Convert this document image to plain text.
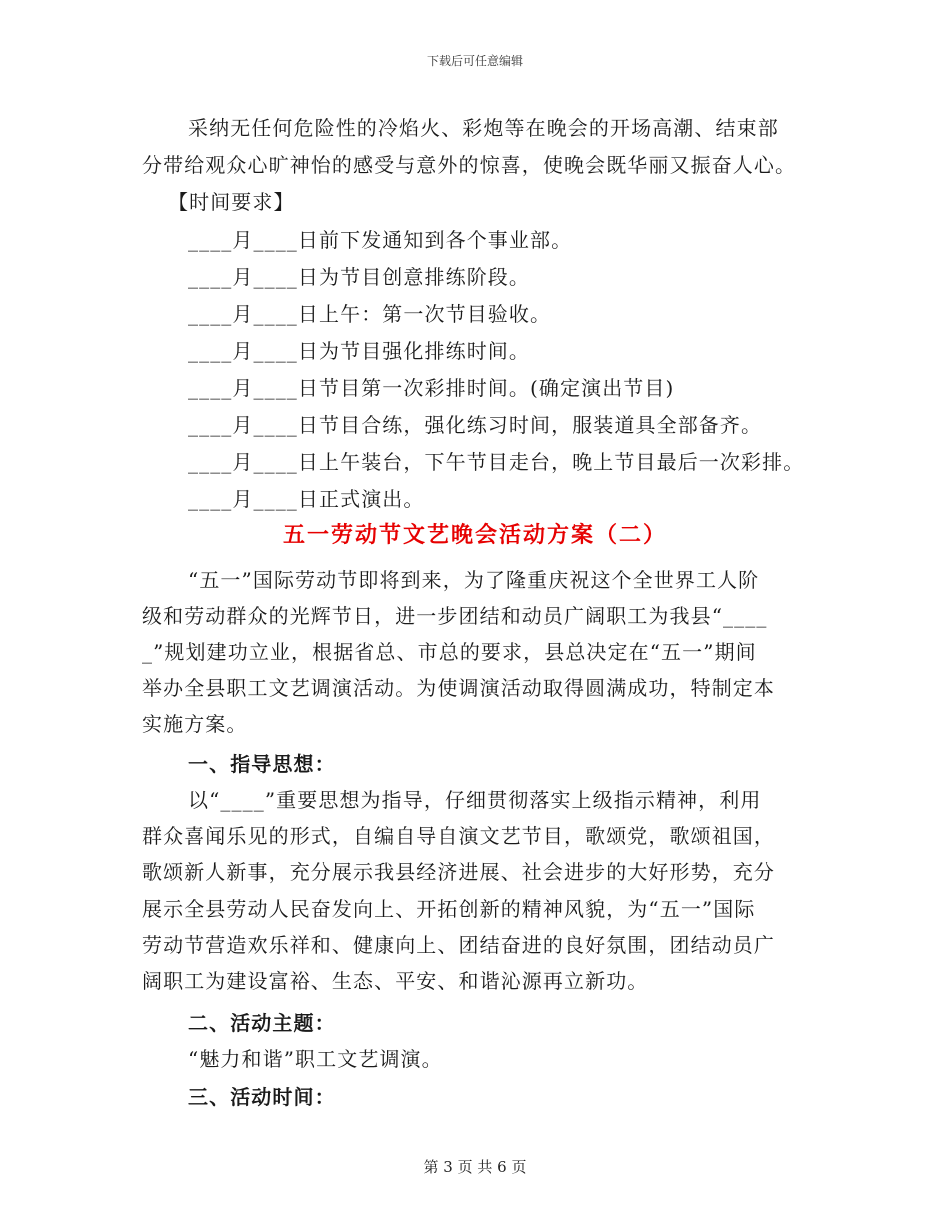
下载后可任意编辑
采纳无任何危险性的冷焰火、彩炮等在晚会的开场高潮、结束部
分带给观众心旷神怡的感受与意外的惊喜，使晚会既华丽又振奋人心。
【时间要求】
____月____日前下发通知到各个事业部。
____月____日为节目创意排练阶段。
____月____日上午：第一次节目验收。
____月____日为节目强化排练时间。
____月____日节目第一次彩排时间。(确定演出节目)
____月____日节目合练，强化练习时间，服装道具全部备齐。
____月____日上午装台，下午节目走台，晚上节目最后一次彩排。
____月____日正式演出。
五一劳动节文艺晚会活动方案（二）
“五一”国际劳动节即将到来，为了隆重庆祝这个全世界工人阶
级和劳动群众的光辉节日，进一步团结和动员广阔职工为我县“____
_”规划建功立业，根据省总、市总的要求，县总决定在“五一”期间
举办全县职工文艺调演活动。为使调演活动取得圆满成功，特制定本
实施方案。
一、指导思想：
以“____”重要思想为指导，仔细贯彻落实上级指示精神，利用
群众喜闻乐见的形式，自编自导自演文艺节目，歌颂党，歌颂祖国，
歌颂新人新事，充分展示我县经济进展、社会进步的大好形势，充分
展示全县劳动人民奋发向上、开拓创新的精神风貌，为“五一”国际
劳动节营造欢乐祥和、健康向上、团结奋进的良好氛围，团结动员广
阔职工为建设富裕、生态、平安、和谐沁源再立新功。
二、活动主题：
“魅力和谐”职工文艺调演。
三、活动时间：
第 3 页 共 6 页
